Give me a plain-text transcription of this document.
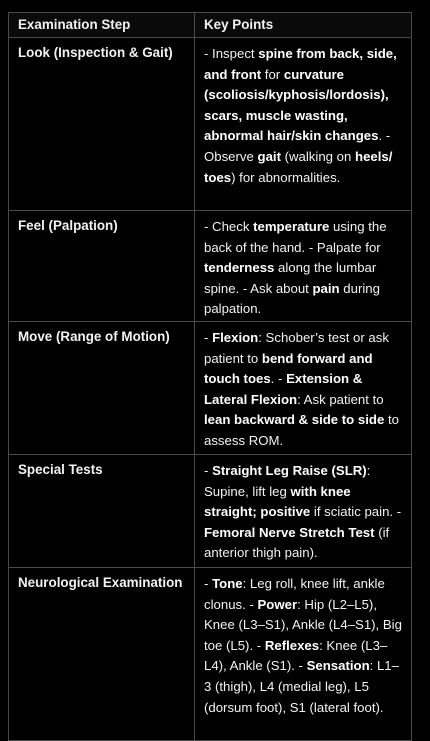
Examination Step	Key Points
Look (Inspection & Gait)	- Inspect spine from back, side, and front for curvature (scoliosis/kyphosis/lordosis), scars, muscle wasting, abnormal hair/skin changes. - Observe gait (walking on heels/ toes) for abnormalities.
Feel (Palpation)	- Check temperature using the back of the hand. - Palpate for tenderness along the lumbar spine. - Ask about pain during palpation.
Move (Range of Motion)	- Flexion: Schober’s test or ask patient to bend forward and touch toes. - Extension & Lateral Flexion: Ask patient to lean backward & side to side to assess ROM.
Special Tests	- Straight Leg Raise (SLR): Supine, lift leg with knee straight; positive if sciatic pain. - Femoral Nerve Stretch Test (if anterior thigh pain).
Neurological Examination	- Tone: Leg roll, knee lift, ankle clonus. - Power: Hip (L2–L5), Knee (L3–S1), Ankle (L4–S1), Big toe (L5). - Reflexes: Knee (L3–L4), Ankle (S1). - Sensation: L1–3 (thigh), L4 (medial leg), L5 (dorsum foot), S1 (lateral foot).
